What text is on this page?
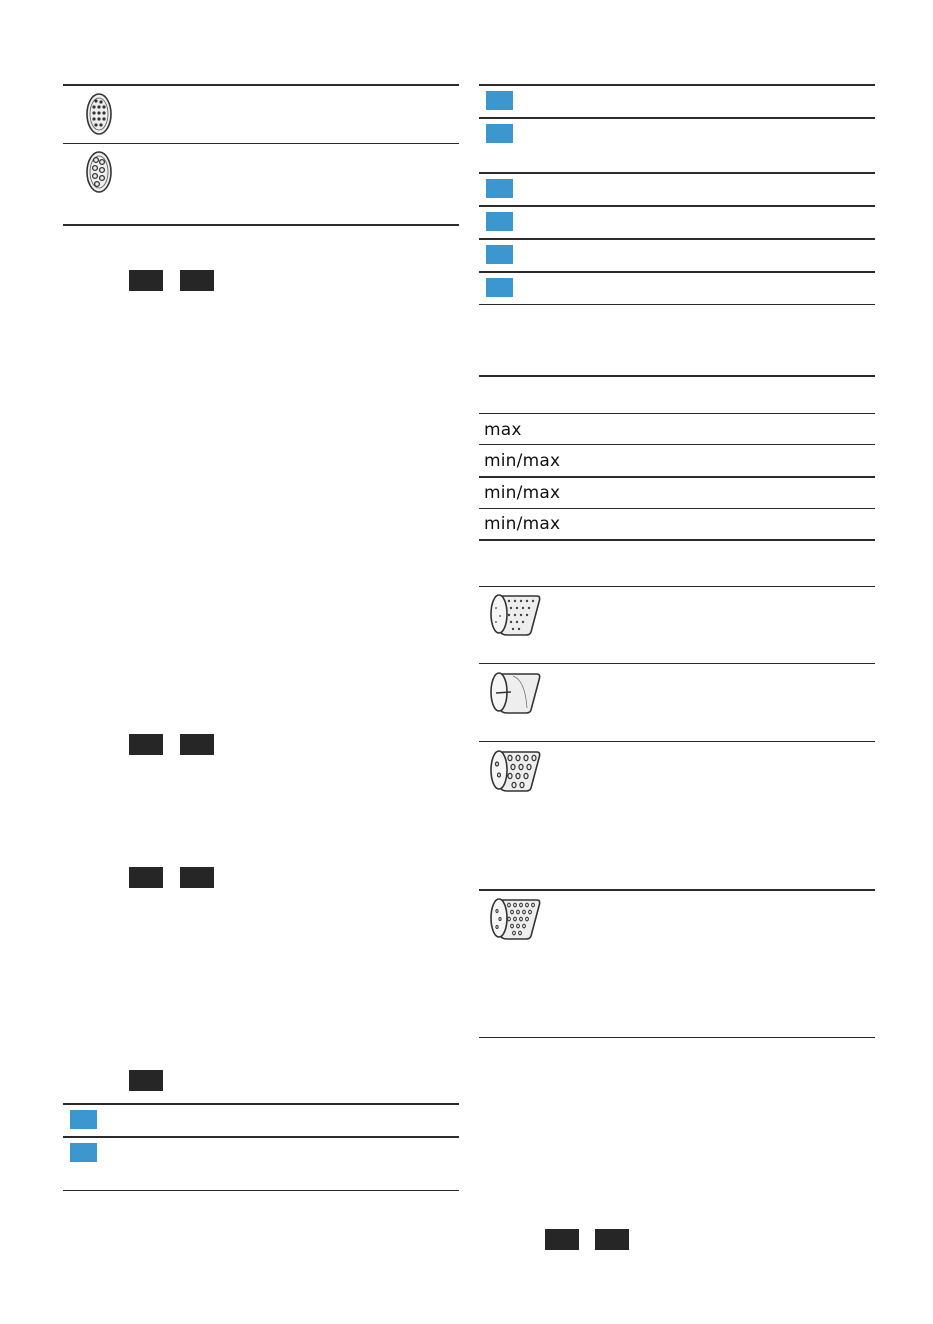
max
min/max
min/max
min/max
